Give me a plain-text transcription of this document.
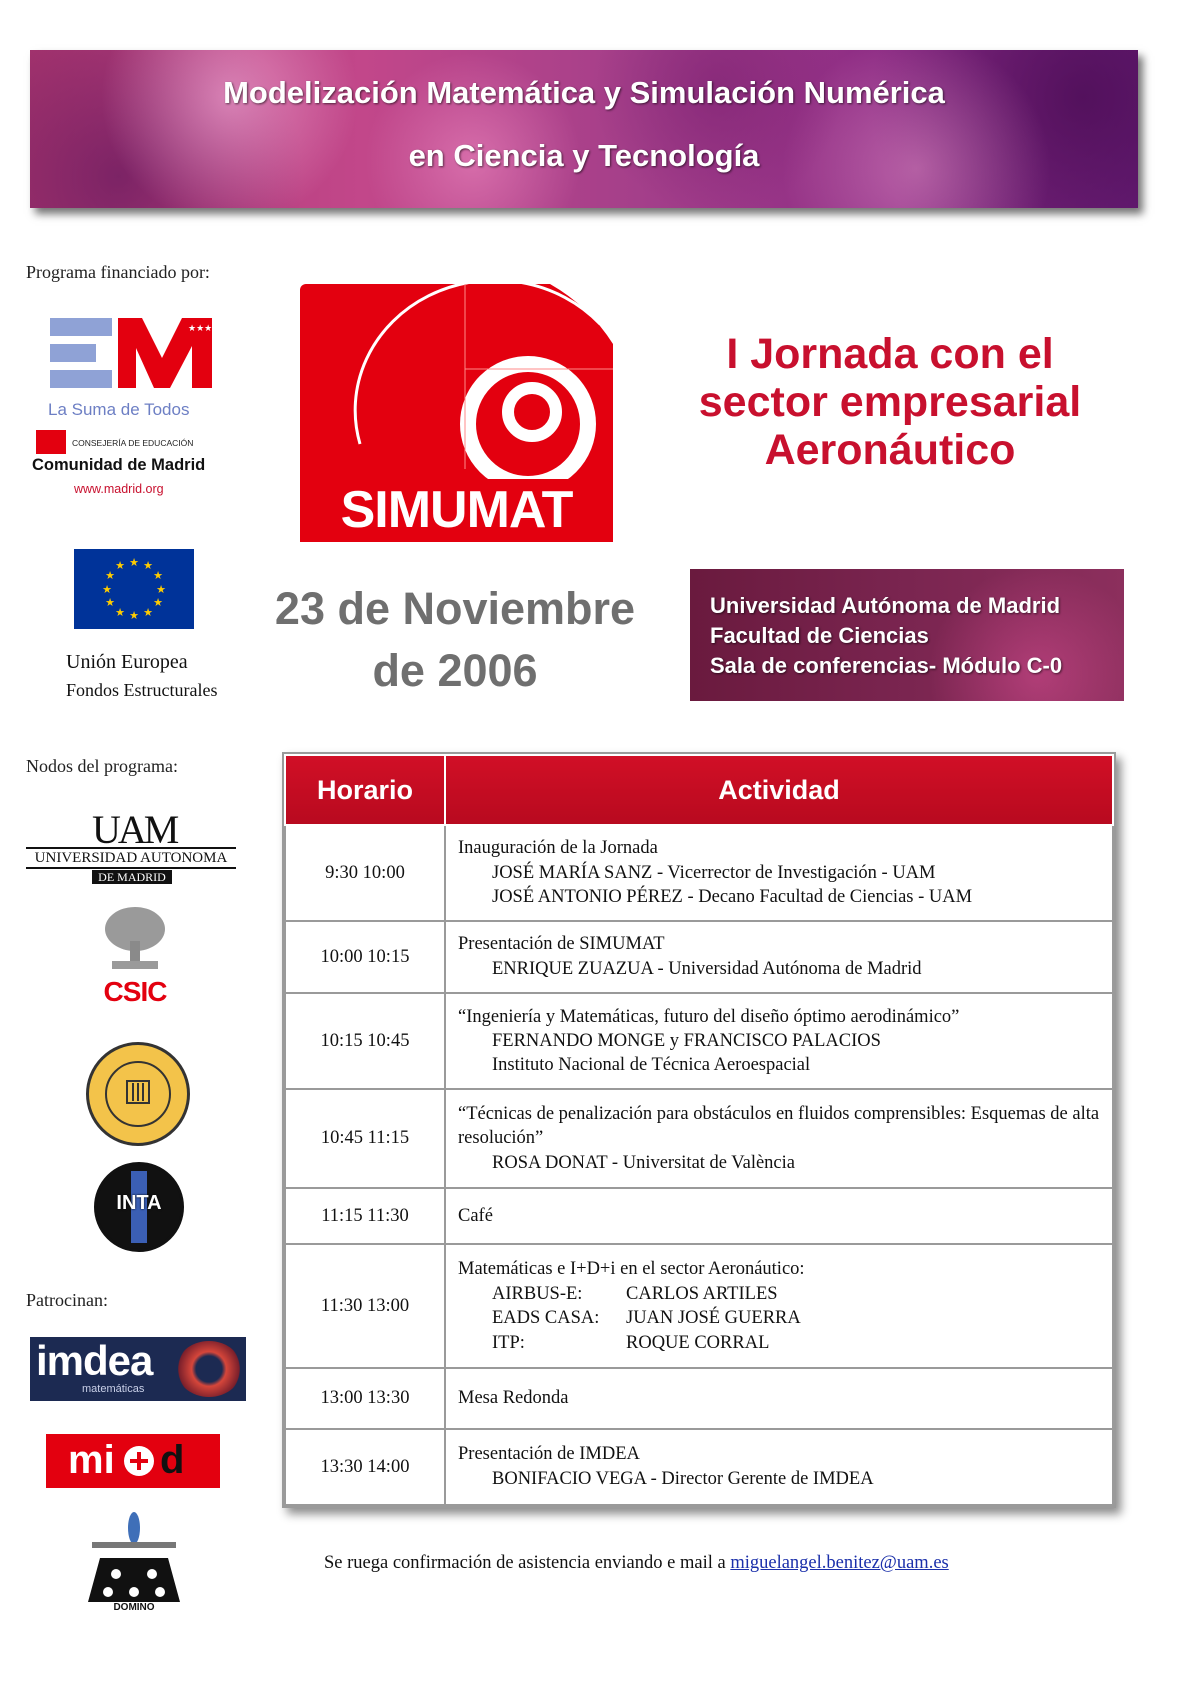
Modelización Matemática y Simulación Numérica
en Ciencia y Tecnología
Programa financiado por:
★★★★
La Suma de Todos
CONSEJERÍA DE EDUCACIÓN
Comunidad de Madrid
www.madrid.org
★ ★
★
★
★
★
★
★
★
★
★
★
Unión Europea
Fondos Estructurales
SIMUMAT
I Jornada con el
sector empresarial
Aeronáutico
23 de Noviembre
de 2006
Universidad Autónoma de Madrid
Facultad de Ciencias
Sala de conferencias- Módulo C-0
Nodos del programa:
UAM
UNIVERSIDAD AUTONOMA
DE MADRID
CSIC
INTA
Patrocinan:
imdea
matemáticas
mi d
DOMINO
Horario	Actividad
9:30 10:00	Inauguración de la Jornada
JOSÉ MARÍA SANZ - Vicerrector de Investigación - UAM
JOSÉ ANTONIO PÉREZ - Decano Facultad de Ciencias - UAM

10:00 10:15	Presentación de SIMUMAT
ENRIQUE ZUAZUA - Universidad Autónoma de Madrid

10:15 10:45	“Ingeniería y Matemáticas, futuro del diseño óptimo aerodinámico”
FERNANDO MONGE y FRANCISCO PALACIOS
Instituto Nacional de Técnica Aeroespacial

10:45 11:15	“Técnicas de penalización para obstáculos en fluidos comprensibles: Esquemas de alta resolución”
ROSA DONAT - Universitat de València

11:15 11:30	Café
11:30 13:00	Matemáticas e I+D+i en el sector Aeronáutico:
AIRBUS-E: CARLOS ARTILES
EADS CASA: JUAN JOSÉ GUERRA
ITP: ROQUE CORRAL

13:00 13:30	Mesa Redonda
13:30 14:00	Presentación de IMDEA
BONIFACIO VEGA - Director Gerente de IMDEA
Se ruega confirmación de asistencia enviando e mail a miguelangel.benitez@uam.es
